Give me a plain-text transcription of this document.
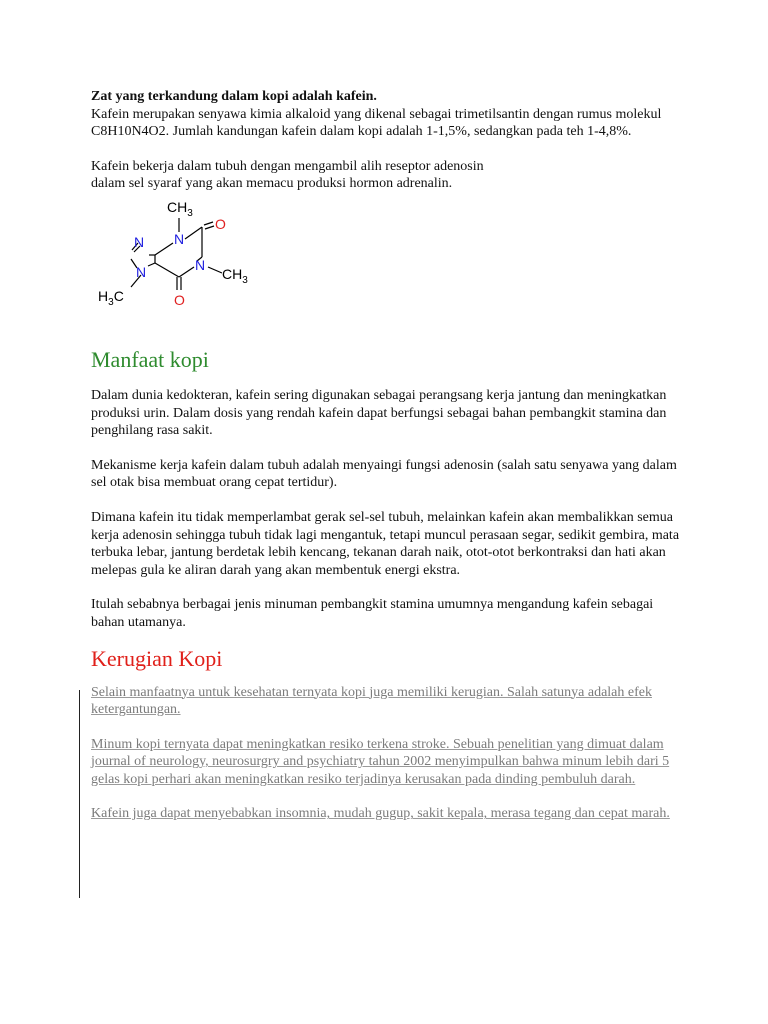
Zat yang terkandung dalam kopi adalah kafein.

Kafein merupakan senyawa kimia alkaloid yang dikenal sebagai trimetilsantin dengan rumus molekul C8H10N4O2. Jumlah kandungan kafein dalam kopi adalah 1-1,5%, sedangkan pada teh 1-4,8%.

Kafein bekerja dalam tubuh dengan mengambil alih reseptor adenosin

dalam sel syaraf yang akan memacu produksi hormon adrenalin.

$CH_3$
N
O
N
$CH_3$
O
N
N
$H_3C$
Manfaat kopi

Dalam dunia kedokteran, kafein sering digunakan sebagai perangsang kerja jantung dan meningkatkan produksi urin. Dalam dosis yang rendah kafein dapat berfungsi sebagai bahan pembangkit stamina dan penghilang rasa sakit.

Mekanisme kerja kafein dalam tubuh adalah menyaingi fungsi adenosin (salah satu senyawa yang dalam sel otak bisa membuat orang cepat tertidur).

Dimana kafein itu tidak memperlambat gerak sel-sel tubuh, melainkan kafein akan membalikkan semua kerja adenosin sehingga tubuh tidak lagi mengantuk, tetapi muncul perasaan segar, sedikit gembira, mata terbuka lebar, jantung berdetak lebih kencang, tekanan darah naik, otot-otot berkontraksi dan hati akan melepas gula ke aliran darah yang akan membentuk energi ekstra.

Itulah sebabnya berbagai jenis minuman pembangkit stamina umumnya mengandung kafein sebagai bahan utamanya.

Kerugian Kopi

Selain manfaatnya untuk kesehatan ternyata kopi juga memiliki kerugian. Salah satunya adalah efek ketergantungan.

Minum kopi ternyata dapat meningkatkan resiko terkena stroke. Sebuah penelitian yang dimuat dalam journal of neurology, neurosurgry and psychiatry tahun 2002 menyimpulkan bahwa minum lebih dari 5 gelas kopi perhari akan meningkatkan resiko terjadinya kerusakan pada dinding pembuluh darah.

Kafein juga dapat menyebabkan insomnia, mudah gugup, sakit kepala, merasa tegang dan cepat marah.
